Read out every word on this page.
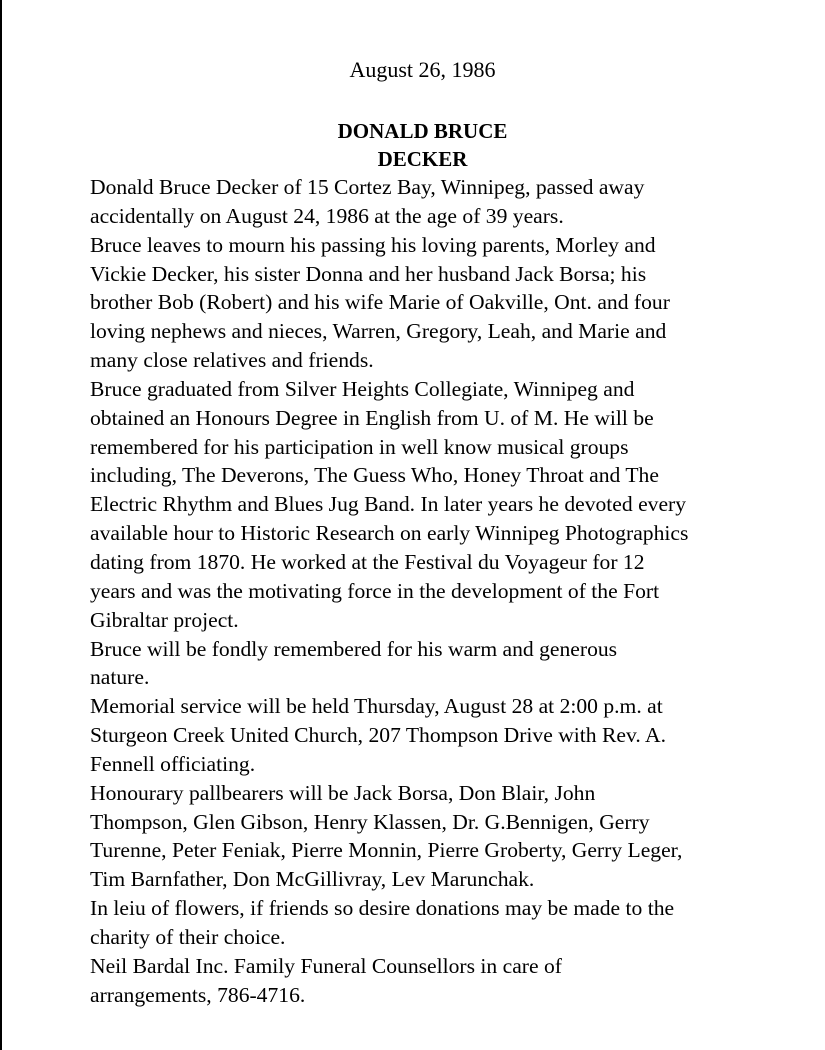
August 26, 1986
DONALD BRUCE
DECKER

Donald Bruce Decker of 15 Cortez Bay, Winnipeg, passed away
accidentally on August 24, 1986 at the age of 39 years.

Bruce leaves to mourn his passing his loving parents, Morley and
Vickie Decker, his sister Donna and her husband Jack Borsa; his
brother Bob (Robert) and his wife Marie of Oakville, Ont. and four
loving nephews and nieces, Warren, Gregory, Leah, and Marie and
many close relatives and friends.

Bruce graduated from Silver Heights Collegiate, Winnipeg and
obtained an Honours Degree in English from U. of M. He will be
remembered for his participation in well know musical groups
including, The Deverons, The Guess Who, Honey Throat and The
Electric Rhythm and Blues Jug Band. In later years he devoted every
available hour to Historic Research on early Winnipeg Photographics
dating from 1870. He worked at the Festival du Voyageur for 12
years and was the motivating force in the development of the Fort
Gibraltar project.

Bruce will be fondly remembered for his warm and generous
nature.

Memorial service will be held Thursday, August 28 at 2:00 p.m. at
Sturgeon Creek United Church, 207 Thompson Drive with Rev. A.
Fennell officiating.

Honourary pallbearers will be Jack Borsa, Don Blair, John
Thompson, Glen Gibson, Henry Klassen, Dr. G.Bennigen, Gerry
Turenne, Peter Feniak, Pierre Monnin, Pierre Groberty, Gerry Leger,
Tim Barnfather, Don McGillivray, Lev Marunchak.

In leiu of flowers, if friends so desire donations may be made to the
charity of their choice.

Neil Bardal Inc. Family Funeral Counsellors in care of
arrangements, 786-4716.
